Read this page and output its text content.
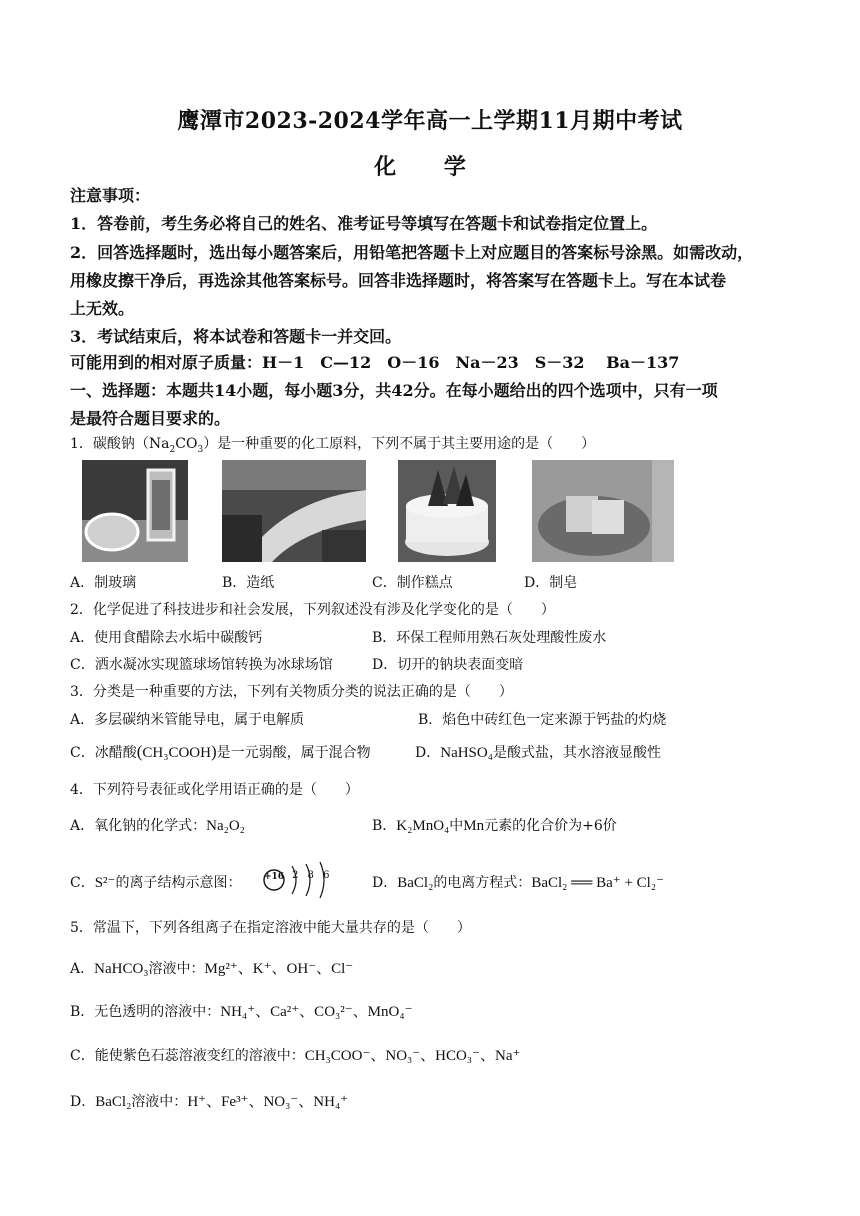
鹰潭市2023-2024学年高一上学期11月期中考试
化 学
注意事项：
1．答卷前，考生务必将自己的姓名、准考证号等填写在答题卡和试卷指定位置上。
2．回答选择题时，选出每小题答案后，用铅笔把答题卡上对应题目的答案标号涂黑。如需改动，
用橡皮擦干净后，再选涂其他答案标号。回答非选择题时，将答案写在答题卡上。写在本试卷
上无效。
3．考试结束后，将本试卷和答题卡一并交回。
可能用到的相对原子质量：H－1　C—12　O－16　Na－23　S－32　 Ba－137
一、选择题：本题共14小题，每小题3分，共42分。在每小题给出的四个选项中，只有一项
是最符合题目要求的。
1．碳酸钠$(Na_2CO_3)$是一种重要的化工原料，下列不属于其主要用途的是（　　）
A．制玻璃	B．造纸	C．制作糕点	D．制皂
2．化学促进了科技进步和社会发展，下列叙述没有涉及化学变化的是（　　）
A．使用食醋除去水垢中碳酸钙	B．环保工程师用熟石灰处理酸性废水
C．洒水凝冰实现篮球场馆转换为冰球场馆	D．切开的钠块表面变暗
3．分类是一种重要的方法，下列有关物质分类的说法正确的是（　　）
A．多层碳纳米管能导电，属于电解质	B．焰色中砖红色一定来源于钙盐的灼烧
C．冰醋酸(CH₃COOH)是一元弱酸，属于混合物	D．NaHSO₄是酸式盐，其水溶液显酸性
4．下列符号表征或化学用语正确的是（　　）
A．氧化钠的化学式：Na₂O₂	B．K₂MnO₄中Mn元素的化合价为+6价
C．S²⁻的离子结构示意图：	+16 2 8 6	D．BaCl₂的电离方程式：BaCl₂ ══ Ba⁺ + Cl₂⁻
5．常温下，下列各组离子在指定溶液中能大量共存的是（　　）
A．NaHCO₃溶液中：Mg²⁺、K⁺、OH⁻、Cl⁻
B．无色透明的溶液中：NH₄⁺、Ca²⁺、CO₃²⁻、MnO₄⁻
C．能使紫色石蕊溶液变红的溶液中：CH₃COO⁻、NO₃⁻、HCO₃⁻、Na⁺
D．BaCl₂溶液中：H⁺、Fe³⁺、NO₃⁻、NH₄⁺
